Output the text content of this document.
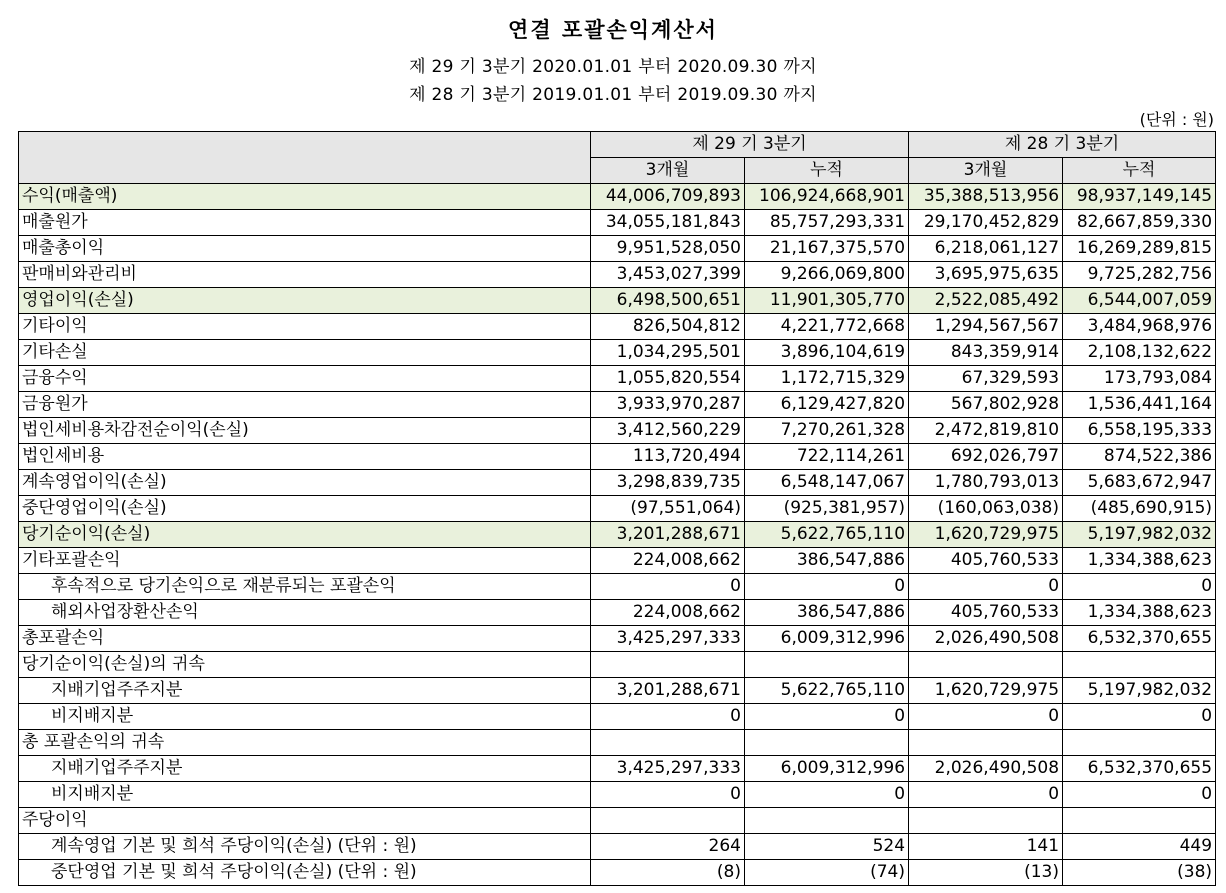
연결 포괄손익계산서
제 29 기 3분기 2020.01.01 부터 2020.09.30 까지
제 28 기 3분기 2019.01.01 부터 2019.09.30 까지
(단위 : 원)
	제 29 기 3분기		제 28 기 3분기	
	3개월	누적	3개월	누적
수익(매출액)	44,006,709,893	106,924,668,901	35,388,513,956	98,937,149,145
매출원가	34,055,181,843	85,757,293,331	29,170,452,829	82,667,859,330
매출총이익	9,951,528,050	21,167,375,570	6,218,061,127	16,269,289,815
판매비와관리비	3,453,027,399	9,266,069,800	3,695,975,635	9,725,282,756
영업이익(손실)	6,498,500,651	11,901,305,770	2,522,085,492	6,544,007,059
기타이익	826,504,812	4,221,772,668	1,294,567,567	3,484,968,976
기타손실	1,034,295,501	3,896,104,619	843,359,914	2,108,132,622
금융수익	1,055,820,554	1,172,715,329	67,329,593	173,793,084
금융원가	3,933,970,287	6,129,427,820	567,802,928	1,536,441,164
법인세비용차감전순이익(손실)	3,412,560,229	7,270,261,328	2,472,819,810	6,558,195,333
법인세비용	113,720,494	722,114,261	692,026,797	874,522,386
계속영업이익(손실)	3,298,839,735	6,548,147,067	1,780,793,013	5,683,672,947
중단영업이익(손실)	(97,551,064)	(925,381,957)	(160,063,038)	(485,690,915)
당기순이익(손실)	3,201,288,671	5,622,765,110	1,620,729,975	5,197,982,032
기타포괄손익	224,008,662	386,547,886	405,760,533	1,334,388,623
후속적으로 당기손익으로 재분류되는 포괄손익	0	0	0	0
해외사업장환산손익	224,008,662	386,547,886	405,760,533	1,334,388,623
총포괄손익	3,425,297,333	6,009,312,996	2,026,490,508	6,532,370,655
당기순이익(손실)의 귀속				
지배기업주주지분	3,201,288,671	5,622,765,110	1,620,729,975	5,197,982,032
비지배지분	0	0	0	0
총 포괄손익의 귀속				
지배기업주주지분	3,425,297,333	6,009,312,996	2,026,490,508	6,532,370,655
비지배지분	0	0	0	0
주당이익				
계속영업 기본 및 희석 주당이익(손실) (단위 : 원)	264	524	141	449
중단영업 기본 및 희석 주당이익(손실) (단위 : 원)	(8)	(74)	(13)	(38)
